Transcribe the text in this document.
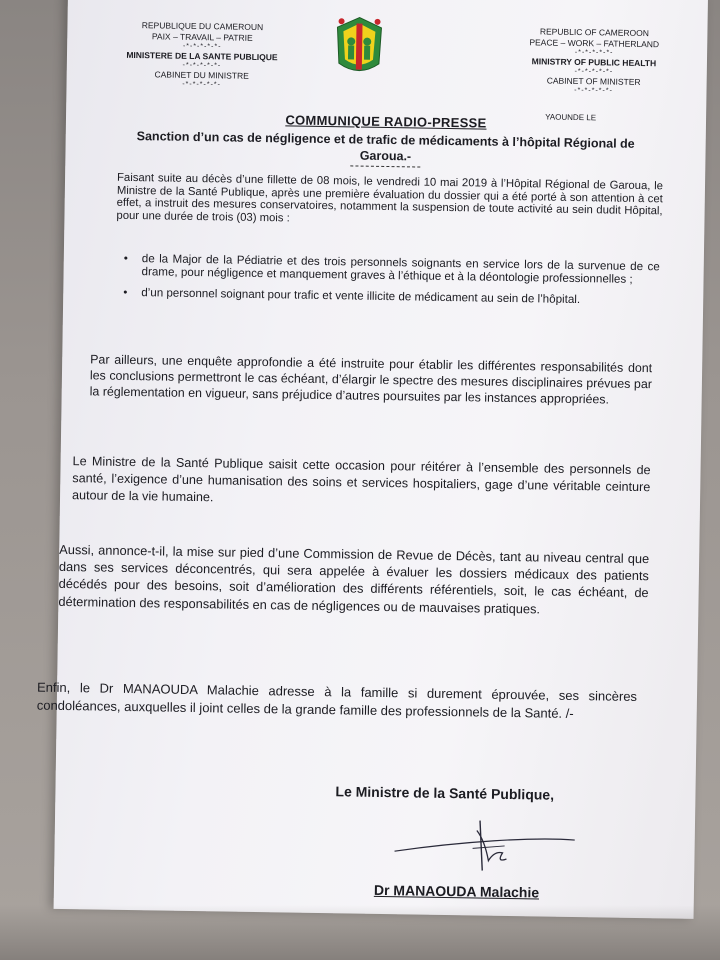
REPUBLIQUE DU CAMEROUN
PAIX – TRAVAIL – PATRIE
-*-*-*-*-*-
MINISTERE DE LA SANTE PUBLIQUE
-*-*-*-*-*-
CABINET DU MINISTRE
-*-*-*-*-*-
REPUBLIC OF CAMEROON
PEACE – WORK – FATHERLAND
-*-*-*-*-*-
MINISTRY OF PUBLIC HEALTH
-*-*-*-*-*-
CABINET OF MINISTER
-*-*-*-*-*-
YAOUNDE LE
COMMUNIQUE RADIO-PRESSE
Sanction d’un cas de négligence et de trafic de médicaments à l’hôpital Régional de Garoua.-
Faisant suite au décès d’une fillette de 08 mois, le vendredi 10 mai 2019 à l’Hôpital Régional de Garoua, le Ministre de la Santé Publique, après une première évaluation du dossier qui a été porté à son attention à cet effet, a instruit des mesures conservatoires, notamment la suspension de toute activité au sein dudit Hôpital, pour une durée de trois (03) mois :
• de la Major de la Pédiatrie et des trois personnels soignants en service lors de la survenue de ce drame, pour négligence et manquement graves à l’éthique et à la déontologie professionnelles ;
• d’un personnel soignant pour trafic et vente illicite de médicament au sein de l’hôpital.
Par ailleurs, une enquête approfondie a été instruite pour établir les différentes responsabilités dont les conclusions permettront le cas échéant, d’élargir le spectre des mesures disciplinaires prévues par la réglementation en vigueur, sans préjudice d’autres poursuites par les instances appropriées.
Le Ministre de la Santé Publique saisit cette occasion pour réitérer à l’ensemble des personnels de santé, l’exigence d’une humanisation des soins et services hospitaliers, gage d’une véritable ceinture autour de la vie humaine.
Aussi, annonce-t-il, la mise sur pied d’une Commission de Revue de Décès, tant au niveau central que dans ses services déconcentrés, qui sera appelée à évaluer les dossiers médicaux des patients décédés pour des besoins, soit d’amélioration des différents référentiels, soit, le cas échéant, de détermination des responsabilités en cas de négligences ou de mauvaises pratiques.
Enfin, le Dr MANAOUDA Malachie adresse à la famille si durement éprouvée, ses sincères condoléances, auxquelles il joint celles de la grande famille des professionnels de la Santé. /-
Le Ministre de la Santé Publique,
Dr MANAOUDA Malachie
